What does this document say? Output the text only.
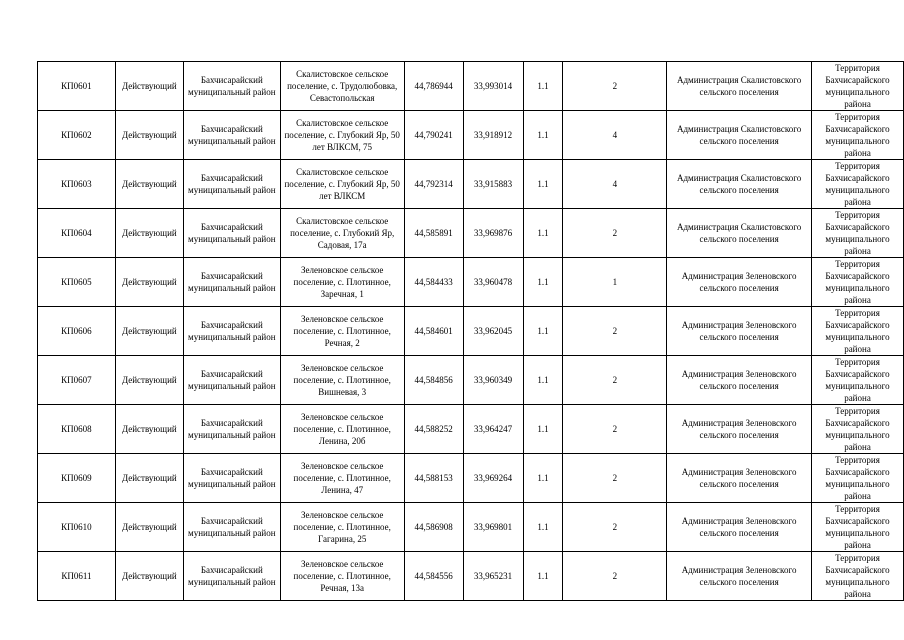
КП0601	Действующий	Бахчисарайский муниципальный район	Скалистовское сельское поселение, с. Трудолюбовка, Севастопольская	44,786944	33,993014	1.1	2	Администрация Скалистовского сельского поселения	Территория Бахчисарайского муниципального района
КП0602	Действующий	Бахчисарайский муниципальный район	Скалистовское сельское поселение, с. Глубокий Яр, 50 лет ВЛКСМ, 75	44,790241	33,918912	1.1	4	Администрация Скалистовского сельского поселения	Территория Бахчисарайского муниципального района
КП0603	Действующий	Бахчисарайский муниципальный район	Скалистовское сельское поселение, с. Глубокий Яр, 50 лет ВЛКСМ	44,792314	33,915883	1.1	4	Администрация Скалистовского сельского поселения	Территория Бахчисарайского муниципального района
КП0604	Действующий	Бахчисарайский муниципальный район	Скалистовское сельское поселение, с. Глубокий Яр, Садовая, 17а	44,585891	33,969876	1.1	2	Администрация Скалистовского сельского поселения	Территория Бахчисарайского муниципального района
КП0605	Действующий	Бахчисарайский муниципальный район	Зеленовское сельское поселение, с. Плотинное, Заречная, 1	44,584433	33,960478	1.1	1	Администрация Зеленовского сельского поселения	Территория Бахчисарайского муниципального района
КП0606	Действующий	Бахчисарайский муниципальный район	Зеленовское сельское поселение, с. Плотинное, Речная, 2	44,584601	33,962045	1.1	2	Администрация Зеленовского сельского поселения	Территория Бахчисарайского муниципального района
КП0607	Действующий	Бахчисарайский муниципальный район	Зеленовское сельское поселение, с. Плотинное, Вишневая, 3	44,584856	33,960349	1.1	2	Администрация Зеленовского сельского поселения	Территория Бахчисарайского муниципального района
КП0608	Действующий	Бахчисарайский муниципальный район	Зеленовское сельское поселение, с. Плотинное, Ленина, 20б	44,588252	33,964247	1.1	2	Администрация Зеленовского сельского поселения	Территория Бахчисарайского муниципального района
КП0609	Действующий	Бахчисарайский муниципальный район	Зеленовское сельское поселение, с. Плотинное, Ленина, 47	44,588153	33,969264	1.1	2	Администрация Зеленовского сельского поселения	Территория Бахчисарайского муниципального района
КП0610	Действующий	Бахчисарайский муниципальный район	Зеленовское сельское поселение, с. Плотинное, Гагарина, 25	44,586908	33,969801	1.1	2	Администрация Зеленовского сельского поселения	Территория Бахчисарайского муниципального района
КП0611	Действующий	Бахчисарайский муниципальный район	Зеленовское сельское поселение, с. Плотинное, Речная, 13а	44,584556	33,965231	1.1	2	Администрация Зеленовского сельского поселения	Территория Бахчисарайского муниципального района
